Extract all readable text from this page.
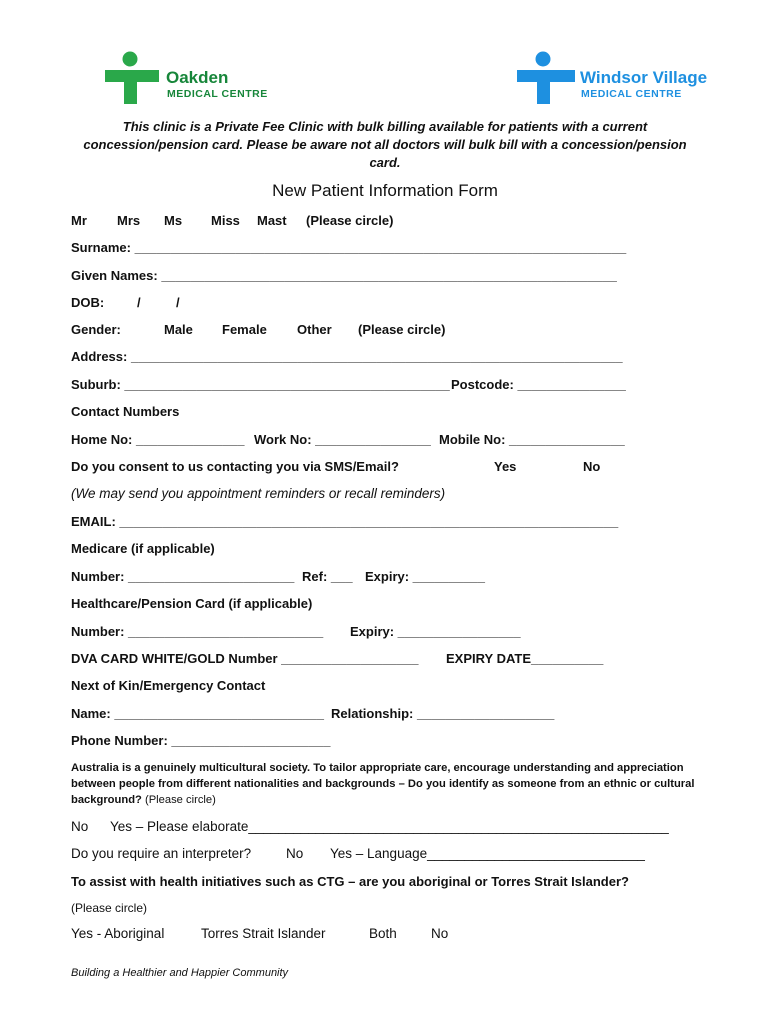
Oakden
MEDICAL CENTRE
Windsor Village
MEDICAL CENTRE
This clinic is a Private Fee Clinic with bulk billing available for patients with a current concession/pension card. Please be aware not all doctors will bulk bill with a concession/pension card.
New Patient Information Form
Mr Mrs Ms Miss Mast (Please circle)
Surname: ____________________________________________________________________
Given Names: _______________________________________________________________
DOB:	/	/
Gender:	Male Female Other (Please circle)
Address: ____________________________________________________________________
Suburb: _____________________________________________ Postcode: _______________
Contact Numbers
Home No: _______________ Work No: ________________ Mobile No: ________________
Do you consent to us contacting you via SMS/Email?	Yes	No
(We may send you appointment reminders or recall reminders)
EMAIL: _____________________________________________________________________
Medicare (if applicable)
Number: _______________________ Ref: ___ Expiry: __________
Healthcare/Pension Card (if applicable)
Number: ___________________________ Expiry: _________________
DVA CARD WHITE/GOLD Number ___________________ EXPIRY DATE__________
Next of Kin/Emergency Contact
Name: _____________________________ Relationship: ___________________
Phone Number: ______________________
Australia is a genuinely multicultural society. To tailor appropriate care, encourage understanding and appreciation between people from different nationalities and backgrounds – Do you identify as someone from an ethnic or cultural background? (Please circle)
No Yes – Please elaborate________________________________________________________
Do you require an interpreter?	No Yes – Language_____________________________
To assist with health initiatives such as CTG – are you aboriginal or Torres Strait Islander?
(Please circle)
Yes - Aboriginal	Torres Strait Islander	Both	No
Building a Healthier and Happier Community
